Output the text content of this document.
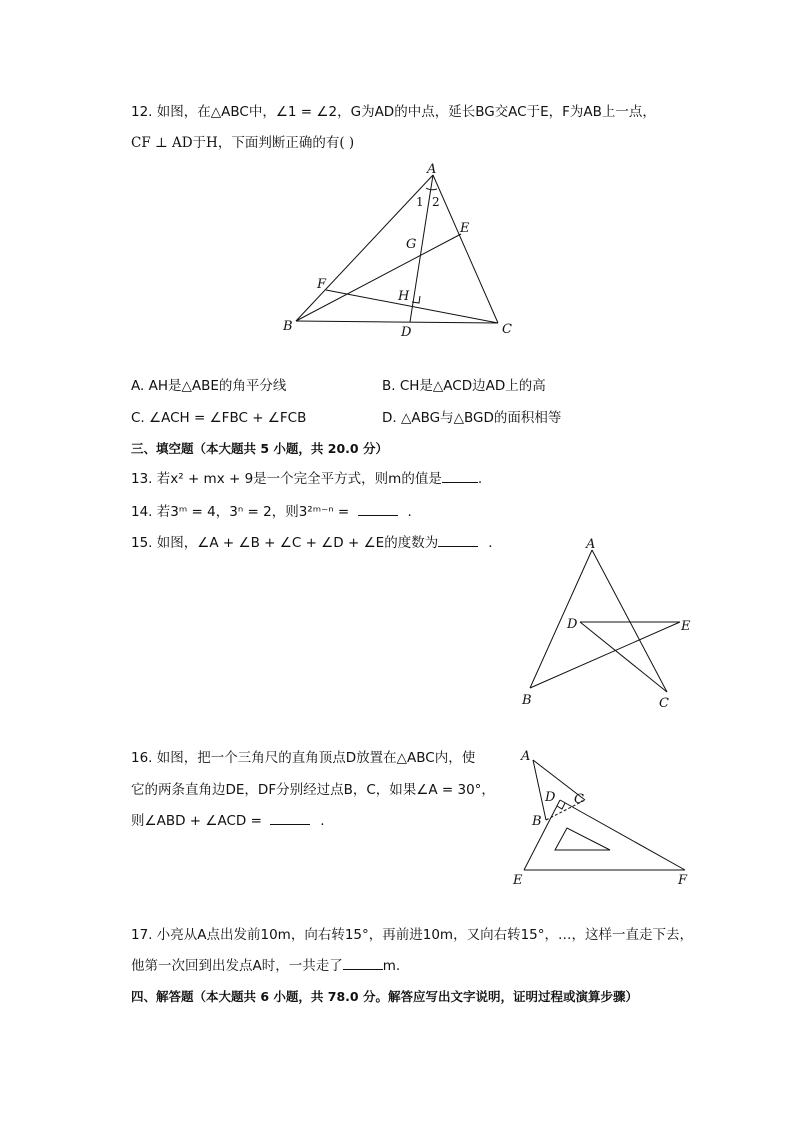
12. 如图，在△ABC中，∠1 = ∠2，G为AD的中点，延长BG交AC于E，F为AB上一点，
CF ⊥ AD于H，下面判断正确的有( )
A
B	C
D
E
F
G
H
1 2
A. AH是△ABE的角平分线	B. CH是△ACD边AD上的高
C. ∠ACH = ∠FBC + ∠FCB	D. △ABG与△BGD的面积相等
三、填空题（本大题共 5 小题，共 20.0 分）
13. 若x² + mx + 9是一个完全平方式，则m的值是	.
14. 若3ᵐ = 4，3ⁿ = 2，则3²ᵐ⁻ⁿ =	.
15. 如图，∠A + ∠B + ∠C + ∠D + ∠E的度数为	.	A
B	C
D	E
16. 如图，把一个三角尺的直角顶点D放置在△ABC内，使
它的两条直角边DE，DF分别经过点B，C，如果∠A = 30°，
则∠ABD + ∠ACD =	.
A
B
C
D
E	F
17. 小亮从A点出发前10m，向右转15°，再前进10m，又向右转15°，…，这样一直走下去，
他第一次回到出发点A时，一共走了	m.
四、解答题（本大题共 6 小题，共 78.0 分。解答应写出文字说明，证明过程或演算步骤）
